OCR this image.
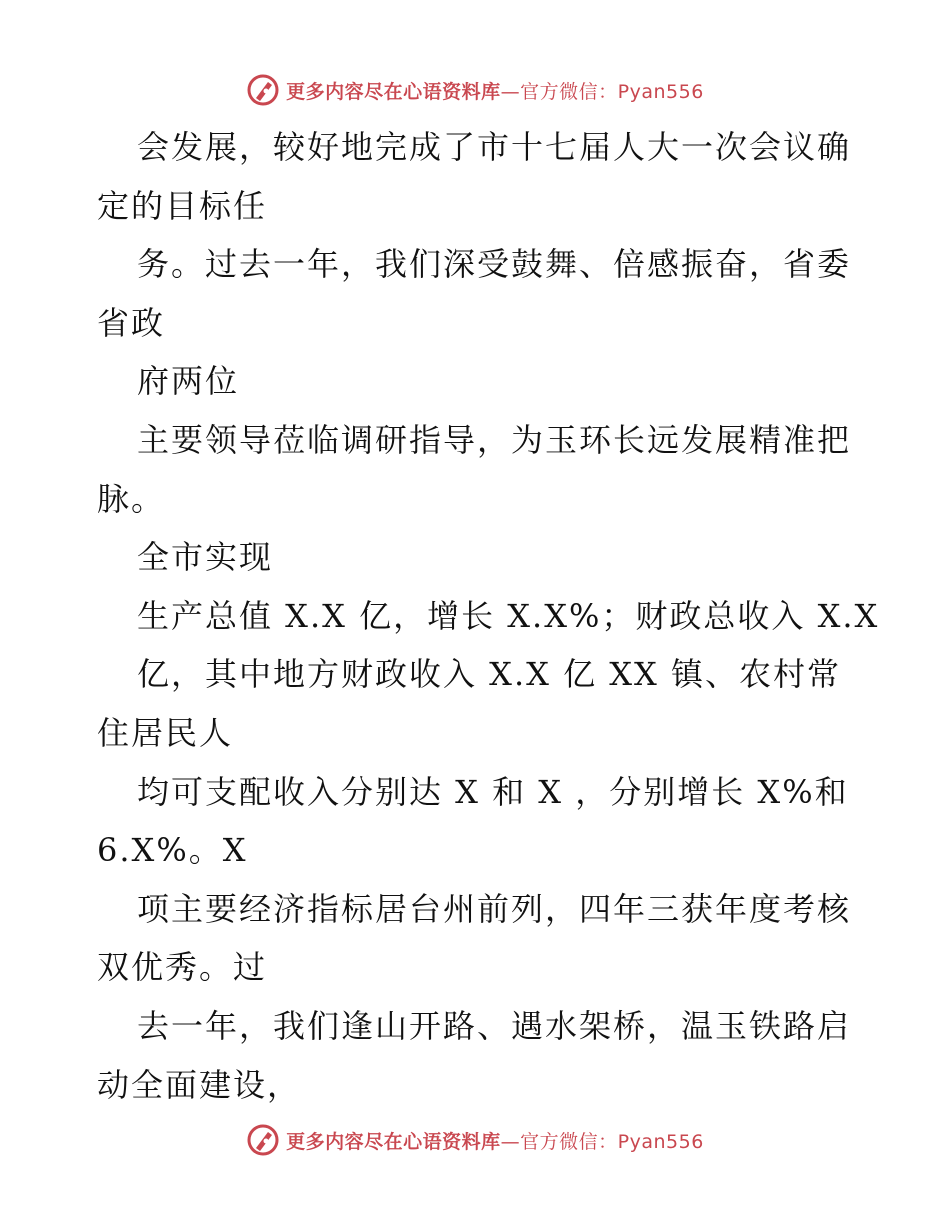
更多内容尽在心语资料库—官方微信：Pyan556
会发展，较好地完成了市十七届人大一次会议确
定的目标任
务。过去一年，我们深受鼓舞、倍感振奋，省委
省政
府两位
主要领导莅临调研指导，为玉环长远发展精准把
脉。
全市实现
生产总值 X.X 亿，增长 X.X%；财政总收入 X.X
亿，其中地方财政收入 X.X 亿 XX 镇、农村常
住居民人
均可支配收入分别达 X 和 X ，分别增长 X%和
6.X%。X
项主要经济指标居台州前列，四年三获年度考核
双优秀。过
去一年，我们逢山开路、遇水架桥，温玉铁路启
动全面建设，
更多内容尽在心语资料库—官方微信：Pyan556
